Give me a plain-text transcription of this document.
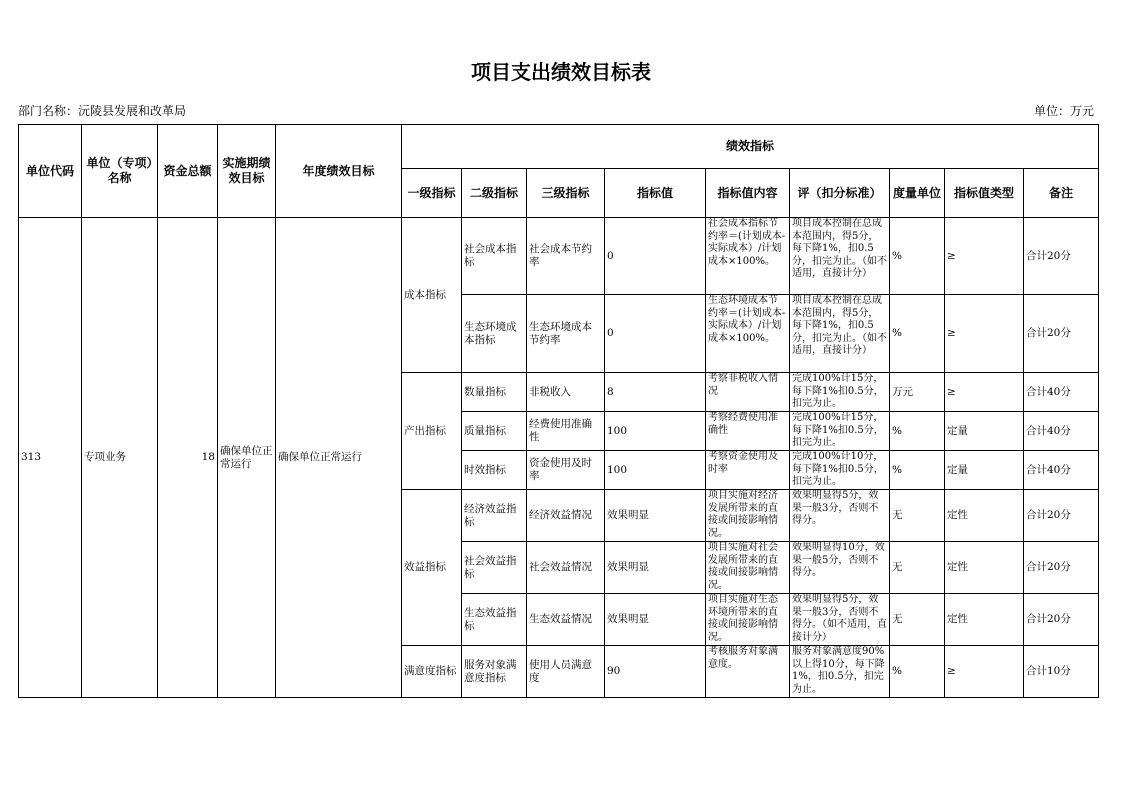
项目支出绩效目标表
部门名称：沅陵县发展和改革局	单位：万元
单位代码	单位（专项）名称	资金总额	实施期绩效目标	年度绩效目标	绩效指标								
					一级指标	二级指标	三级指标	指标值	指标值内容	评（扣分标准）	度量单位	指标值类型	备注
313	专项业务	18	确保单位正常运行	确保单位正常运行	成本指标	社会成本指标	社会成本节约率	0	社会成本指标节约率＝(计划成本-实际成本）/计划成本×100%。	项目成本控制在总成本范围内，得5分，每下降1%，扣0.5分，扣完为止。（如不适用，直接计分）	%	≥	合计20分
						生态环境成本指标	生态环境成本节约率	0	生态环境成本节约率＝(计划成本-实际成本）/计划成本×100%。	项目成本控制在总成本范围内，得5分，每下降1%，扣0.5分，扣完为止。（如不适用，直接计分）	%	≥	合计20分
					产出指标	数量指标	非税收入	8	考察非税收入情况	完成100%计15分，每下降1%扣0.5分，扣完为止。	万元	≥	合计40分
						质量指标	经费使用准确性	100	考察经费使用准确性	完成100%计15分，每下降1%扣0.5分，扣完为止。	%	定量	合计40分
						时效指标	资金使用及时率	100	考察资金使用及时率	完成100%计10分，每下降1%扣0.5分，扣完为止。	%	定量	合计40分
					效益指标	经济效益指标	经济效益情况	效果明显	项目实施对经济发展所带来的直接或间接影响情况。	效果明显得5分，效果一般3分，否则不得分。	无	定性	合计20分
						社会效益指标	社会效益情况	效果明显	项目实施对社会发展所带来的直接或间接影响情况。	效果明显得10分，效果一般5分，否则不得分。	无	定性	合计20分
						生态效益指标	生态效益情况	效果明显	项目实施对生态环境所带来的直接或间接影响情况。	效果明显得5分，效果一般3分，否则不得分。（如不适用，直接计分）	无	定性	合计20分
					满意度指标	服务对象满意度指标	使用人员满意度	90	考核服务对象满意度。	服务对象满意度90%以上得10分，每下降1%，扣0.5分，扣完为止。	%	≥	合计10分
